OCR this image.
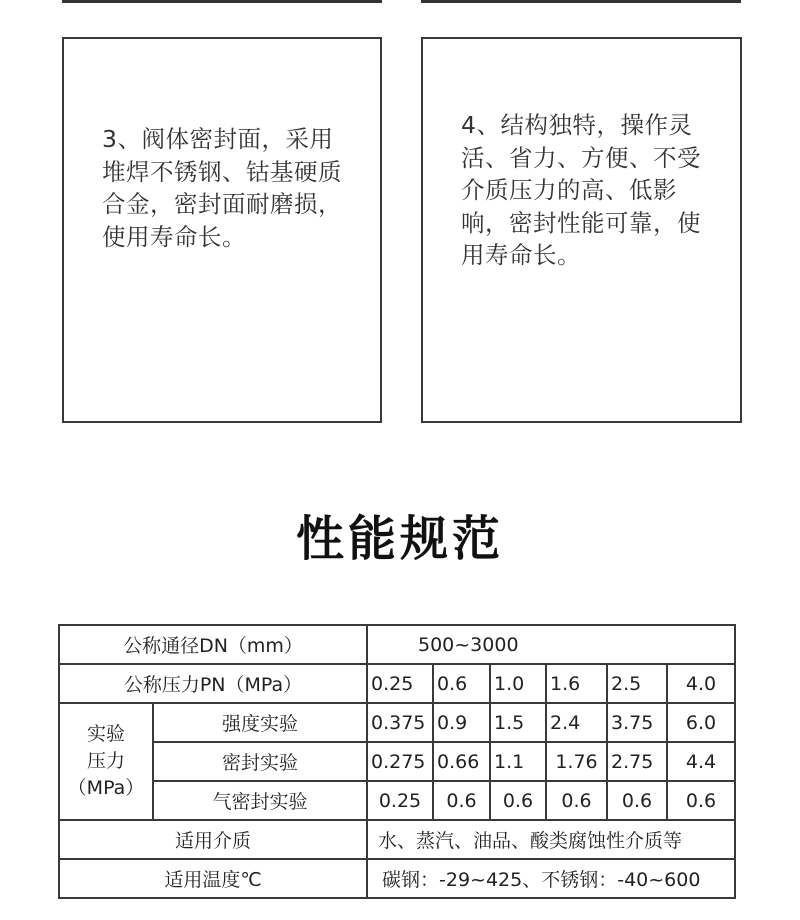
3、阀体密封面，采用堆焊不锈钢、钴基硬质合金，密封面耐磨损，使用寿命长。
4、结构独特，操作灵活、省力、方便、不受介质压力的高、低影响，密封性能可靠，使用寿命长。
性能规范
公称通径DN（mm）		500~3000					
公称压力PN（MPa）		0.25	0.6	1.0	1.6	2.5	4.0

实验
压力
（MPa）	强度实验	0.375	0.9	1.5	2.4	3.75	6.0
	密封实验	0.275	0.66	1.1	1.76	2.75	4.4
	气密封实验	0.25	0.6	0.6	0.6	0.6	0.6
适用介质		水、蒸汽、油品、酸类腐蚀性介质等					
适用温度℃		碳钢：-29~425、不锈钢：-40~600					
